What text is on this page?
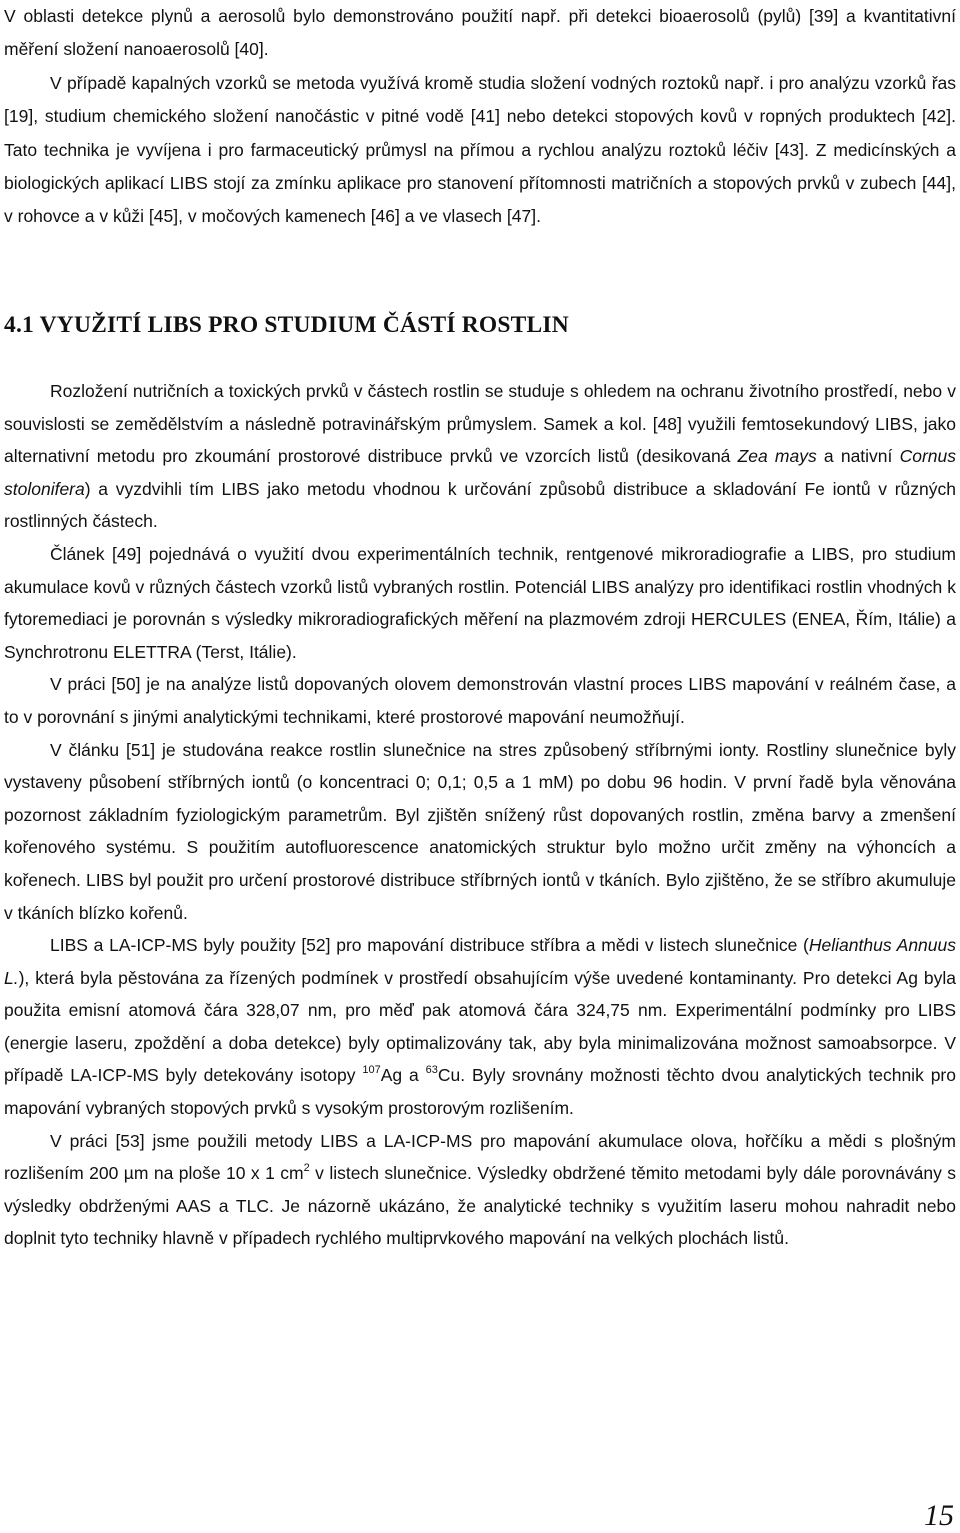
V oblasti detekce plynů a aerosolů bylo demonstrováno použití např. při detekci bioaerosolů (pylů) [39] a kvantitativní měření složení nanoaerosolů [40].

V případě kapalných vzorků se metoda využívá kromě studia složení vodných roztoků např. i pro analýzu vzorků řas [19], studium chemického složení nanočástic v pitné vodě [41] nebo detekci stopových kovů v ropných produktech [42]. Tato technika je vyvíjena i pro farmaceutický průmysl na přímou a rychlou analýzu roztoků léčiv [43]. Z medicínských a biologických aplikací LIBS stojí za zmínku aplikace pro stanovení přítomnosti matričních a stopových prvků v zubech [44], v rohovce a v kůži [45], v močových kamenech [46] a ve vlasech [47].

4.1 VYUŽITÍ LIBS PRO STUDIUM ČÁSTÍ ROSTLIN

Rozložení nutričních a toxických prvků v částech rostlin se studuje s ohledem na ochranu životního prostředí, nebo v souvislosti se zemědělstvím a následně potravinářským průmyslem. Samek a kol. [48] využili femtosekundový LIBS, jako alternativní metodu pro zkoumání prostorové distribuce prvků ve vzorcích listů (desikovaná Zea mays a nativní Cornus stolonifera) a vyzdvihli tím LIBS jako metodu vhodnou k určování způsobů distribuce a skladování Fe iontů v různých rostlinných částech.

Článek [49] pojednává o využití dvou experimentálních technik, rentgenové mikroradiografie a LIBS, pro studium akumulace kovů v různých částech vzorků listů vybraných rostlin. Potenciál LIBS analýzy pro identifikaci rostlin vhodných k fytoremediaci je porovnán s výsledky mikroradiografických měření na plazmovém zdroji HERCULES (ENEA, Řím, Itálie) a Synchrotronu ELETTRA (Terst, Itálie).

V práci [50] je na analýze listů dopovaných olovem demonstrován vlastní proces LIBS mapování v reálném čase, a to v porovnání s jinými analytickými technikami, které prostorové mapování neumožňují.

V článku [51] je studována reakce rostlin slunečnice na stres způsobený stříbrnými ionty. Rostliny slunečnice byly vystaveny působení stříbrných iontů (o koncentraci 0; 0,1; 0,5 a 1 mM) po dobu 96 hodin. V první řadě byla věnována pozornost základním fyziologickým parametrům. Byl zjištěn snížený růst dopovaných rostlin, změna barvy a zmenšení kořenového systému. S použitím autofluorescence anatomických struktur bylo možno určit změny na výhoncích a kořenech. LIBS byl použit pro určení prostorové distribuce stříbrných iontů v tkáních. Bylo zjištěno, že se stříbro akumuluje v tkáních blízko kořenů.

LIBS a LA-ICP-MS byly použity [52] pro mapování distribuce stříbra a mědi v listech slunečnice (Helianthus Annuus L.), která byla pěstována za řízených podmínek v prostředí obsahujícím výše uvedené kontaminanty. Pro detekci Ag byla použita emisní atomová čára 328,07 nm, pro měď pak atomová čára 324,75 nm. Experimentální podmínky pro LIBS (energie laseru, zpoždění a doba detekce) byly optimalizovány tak, aby byla minimalizována možnost samoabsorpce. V případě LA-ICP-MS byly detekovány isotopy $^{107}$Ag a $^{63}$Cu. Byly srovnány možnosti těchto dvou analytických technik pro mapování vybraných stopových prvků s vysokým prostorovým rozlišením.

V práci [53] jsme použili metody LIBS a LA-ICP-MS pro mapování akumulace olova, hořčíku a mědi s plošným rozlišením 200 µm na ploše 10 x 1 $cm^2$ v listech slunečnice. Výsledky obdržené těmito metodami byly dále porovnávány s výsledky obdrženými AAS a TLC. Je názorně ukázáno, že analytické techniky s využitím laseru mohou nahradit nebo doplnit tyto techniky hlavně v případech rychlého multiprvkového mapování na velkých plochách listů.

15
